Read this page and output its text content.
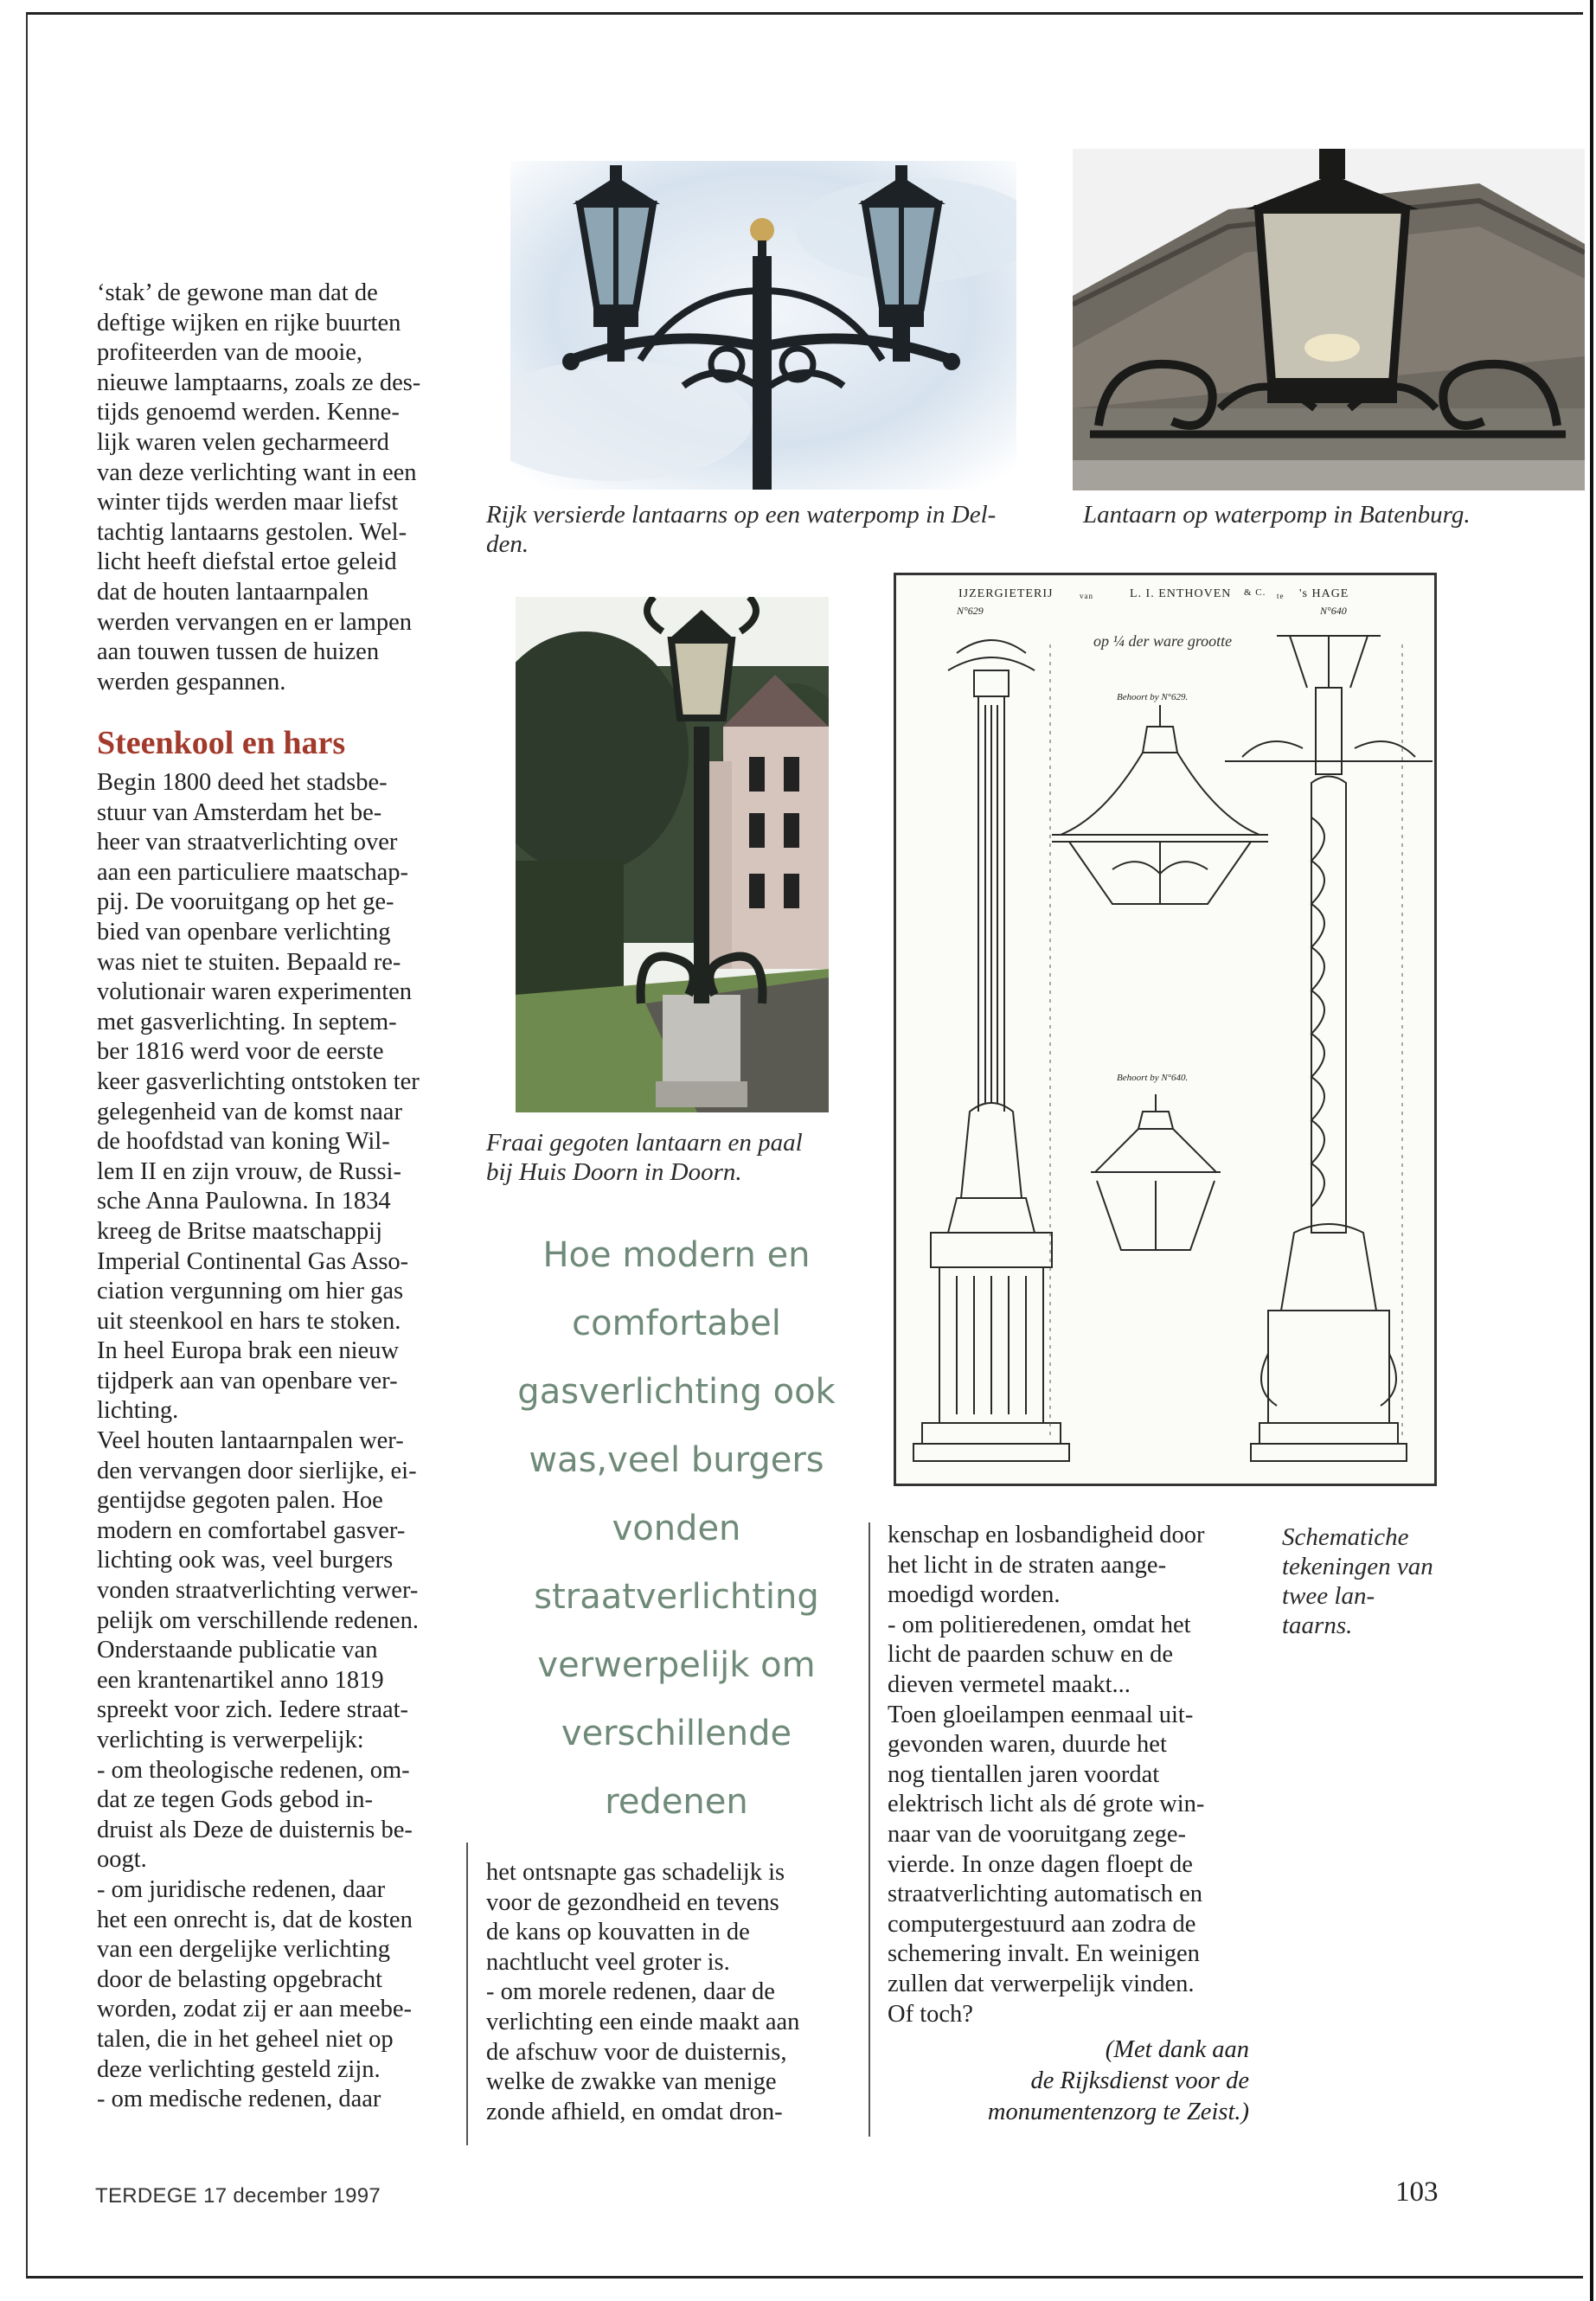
‘stak’ de gewone man dat de
deftige wijken en rijke buurten
profiteerden van de mooie,
nieuwe lamptaarns, zoals ze des-
tijds genoemd werden. Kenne-
lijk waren velen gecharmeerd
van deze verlichting want in een
winter tijds werden maar liefst
tachtig lantaarns gestolen. Wel-
licht heeft diefstal ertoe geleid
dat de houten lantaarnpalen
werden vervangen en er lampen
aan touwen tussen de huizen
werden gespannen.
Steenkool en hars
Begin 1800 deed het stadsbe-
stuur van Amsterdam het be-
heer van straatverlichting over
aan een particuliere maatschap-
pij. De vooruitgang op het ge-
bied van openbare verlichting
was niet te stuiten. Bepaald re-
volutionair waren experimenten
met gasverlichting. In septem-
ber 1816 werd voor de eerste
keer gasverlichting ontstoken ter
gelegenheid van de komst naar
de hoofdstad van koning Wil-
lem II en zijn vrouw, de Russi-
sche Anna Paulowna. In 1834
kreeg de Britse maatschappij
Imperial Continental Gas Asso-
ciation vergunning om hier gas
uit steenkool en hars te stoken.
In heel Europa brak een nieuw
tijdperk aan van openbare ver-
lichting.
Veel houten lantaarnpalen wer-
den vervangen door sierlijke, ei-
gentijdse gegoten palen. Hoe
modern en comfortabel gasver-
lichting ook was, veel burgers
vonden straatverlichting verwer-
pelijk om verschillende redenen.
Onderstaande publicatie van
een krantenartikel anno 1819
spreekt voor zich. Iedere straat-
verlichting is verwerpelijk:
- om theologische redenen, om-
dat ze tegen Gods gebod in-
druist als Deze de duisternis be-
oogt.
- om juridische redenen, daar
het een onrecht is, dat de kosten
van een dergelijke verlichting
door de belasting opgebracht
worden, zodat zij er aan meebe-
talen, die in het geheel niet op
deze verlichting gesteld zijn.
- om medische redenen, daar
Rijk versierde lantaarns op een waterpomp in Del-
den.
Lantaarn op waterpomp in Batenburg.
Fraai gegoten lantaarn en paal
bij Huis Doorn in Doorn.
Hoe modern en
comfortabel
gasverlichting ook
was,veel burgers
vonden
straatverlichting
verwerpelijk om
verschillende
redenen
IJZERGIETERIJ	van	L. I. ENTHOVEN & C. te 's HAGE
N°629	N°640
op ¼ der ware grootte
Behoort by N°629.
Behoort by N°640.
Schematiche
tekeningen van
twee lan-
taarns.
het ontsnapte gas schadelijk is
voor de gezondheid en tevens
de kans op kouvatten in de
nachtlucht veel groter is.
- om morele redenen, daar de
verlichting een einde maakt aan
de afschuw voor de duisternis,
welke de zwakke van menige
zonde afhield, en omdat dron-
kenschap en losbandigheid door
het licht in de straten aange-
moedigd worden.
- om politieredenen, omdat het
licht de paarden schuw en de
dieven vermetel maakt...
Toen gloeilampen eenmaal uit-
gevonden waren, duurde het
nog tientallen jaren voordat
elektrisch licht als dé grote win-
naar van de vooruitgang zege-
vierde. In onze dagen floept de
straatverlichting automatisch en
computergestuurd aan zodra de
schemering invalt. En weinigen
zullen dat verwerpelijk vinden.
Of toch?
(Met dank aan
de Rijksdienst voor de
monumentenzorg te Zeist.)
TERDEGE 17 december 1997	103
